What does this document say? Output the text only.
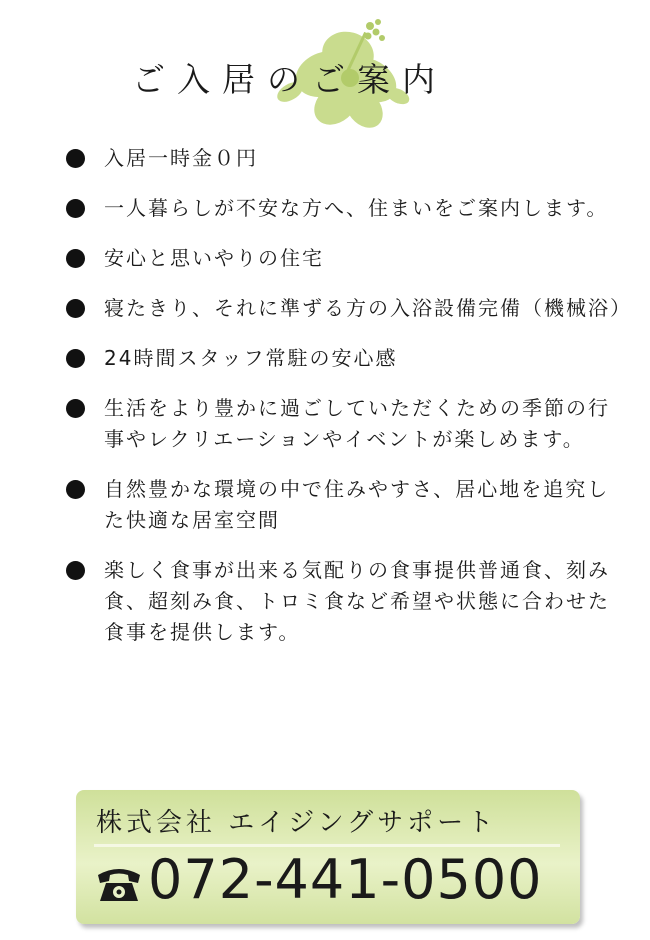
ご入居のご案内
入居一時金０円
一人暮らしが不安な方へ、住まいをご案内します。
安心と思いやりの住宅
寝たきり、それに準ずる方の入浴設備完備（機械浴）
24時間スタッフ常駐の安心感
生活をより豊かに過ごしていただくための季節の行事やレクリエーションやイベントが楽しめます。
自然豊かな環境の中で住みやすさ、居心地を追究した快適な居室空間
楽しく食事が出来る気配りの食事提供普通食、刻み食、超刻み食、トロミ食など希望や状態に合わせた食事を提供します。
株式会社 エイジングサポート
072-441-0500
